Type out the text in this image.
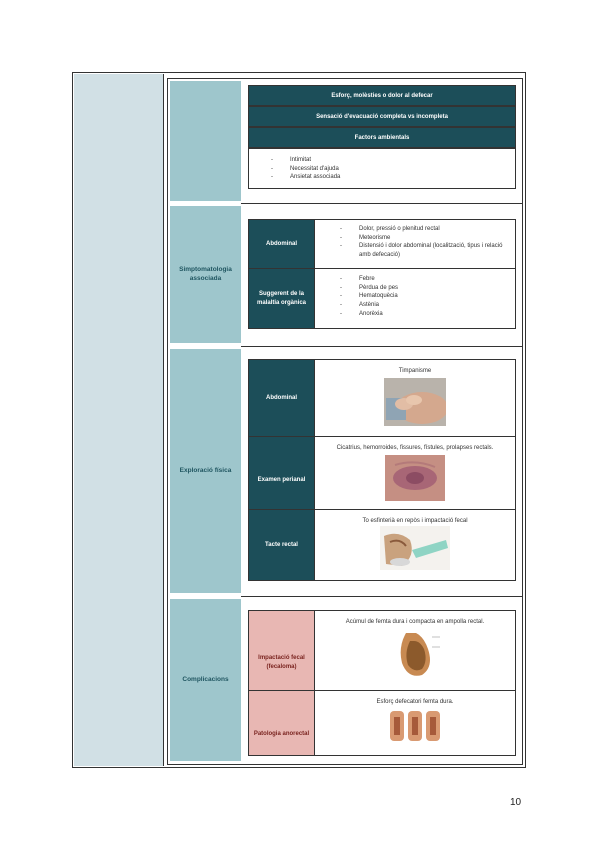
Esforç, molèsties o dolor al defecar
Sensació d'evacuació completa vs incompleta
Factors ambientals
- Intimitat
- Necessitat d'ajuda
- Ansietat associada
Simptomatologia associada
Abdominal
- Dolor, pressió o plenitud rectal
- Meteorisme
- Distensió i dolor abdominal (localització, tipus i relació amb defecació)
Suggerent de la malaltia orgànica
- Febre
- Pèrdua de pes
- Hematoquècia
- Astènia
- Anorèxia
Exploració física
Abdominal
Timpanisme
Examen perianal
Cicatrius, hemorroides, fissures, fístules, prolapses rectals.
Tacte rectal
To esfinterià en repòs i impactació fecal
Complicacions
Impactació fecal (fecaloma)
Acúmul de femta dura i compacta en ampolla rectal.
Patologia anorectal
Esforç defecatori femta dura.
10
